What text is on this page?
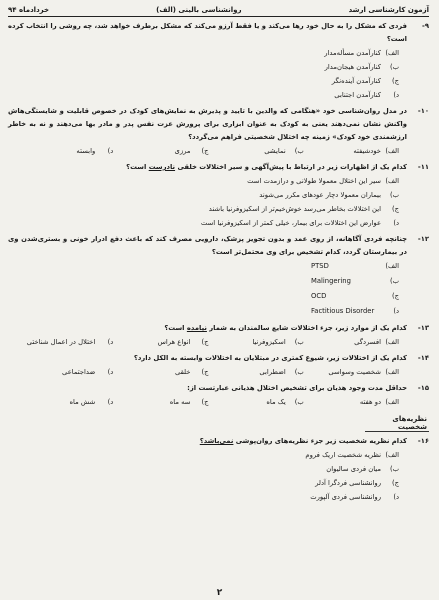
آزمون کارشناسی ارشد
روانشناسی بالینی (الف)
خردادماه ۹۴
۹-
فردی که مشکل را به حال خود رها می‌کند و یا فقط آرزو می‌کند که مشکل برطرف خواهد شد، چه روشی را انتخاب کرده است؟
الف)
کنارآمدن مسأله‌مدار
ب)
کنارآمدن هیجان‌مدار
ج)
کنارآمدن آینده‌نگر
د)
کنارآمدن اجتنابی
۱۰-
در مدل روان‌شناسی خود «هنگامی که والدین با تایید و پذیرش به نمایش‌های کودک در خصوص قابلیت و شایستگی‌هاش واکنش نشان نمی‌دهند یعنی به کودک به عنوان ابزاری برای پرورش عزت نفس پدر و مادر بها می‌دهند و نه به خاطر ارزشمندی خود کودک» زمینه چه اختلال شخصیتی فراهم می‌گردد؟
الف)
خودشیفته
ب)
نمایشی
ج)
مرزی
د)
وابسته
۱۱-
کدام یک از اظهارات زیر در ارتباط با پیش‌آگهی و سیر اختلالات خلقی نادرست است؟
الف)
سیر این اختلال معمولا طولانی و درازمدت است
ب)
بیماران معمولا دچار عودهای مکرر می‌شوند
ج)
این اختلالات بخاطر می‌رسد خوش‌خیم‌تر از اسکیزوفرنیا باشند
د)
عوارض این اختلالات برای بیمار، خیلی کمتر از اسکیزوفرنیا است
۱۲-
چنانچه فردی آگاهانه، از روی عمد و بدون تجویز پزشک، دارویی مصرف کند که باعث دفع ادرار خونی و بستری‌شدن وی در بیمارستان گردد، کدام تشخیص برای وی محتمل‌تر است؟
الف)
PTSD
ب)
Malingering
ج)
OCD
د)
Factitious Disorder
۱۳-
کدام یک از موارد زیر، جزء اختلالات شایع سالمندان به شمار نیامده است؟
الف)
افسردگی
ب)
اسکیزوفرنیا
ج)
انواع هراس
د)
اختلال در اعمال شناختی
۱۴-
کدام یک از اختلالات زیر، شیوع کمتری در مبتلایان به اختلالات وابسته به الکل دارد؟
الف)
شخصیت وسواسی
ب)
اضطرابی
ج)
خلقی
د)
ضداجتماعی
۱۵-
حداقل مدت وجود هذیان برای تشخیص اختلال هذیانی عبارتست از:
الف)
دو هفته
ب)
یک ماه
ج)
سه ماه
د)
شش ماه
نظریه‌های شخصیت
۱۶-
کدام نظریه شخصیت زیر جزء نظریه‌های روان‌پوشی نمی‌باشد؟
الف)
نظریه شخصیت اریک فروم
ب)
میان فردی سالیوان
ج)
روانشناسی فردگرا آدلر
د)
روانشناسی فردی آلپورت
۲
